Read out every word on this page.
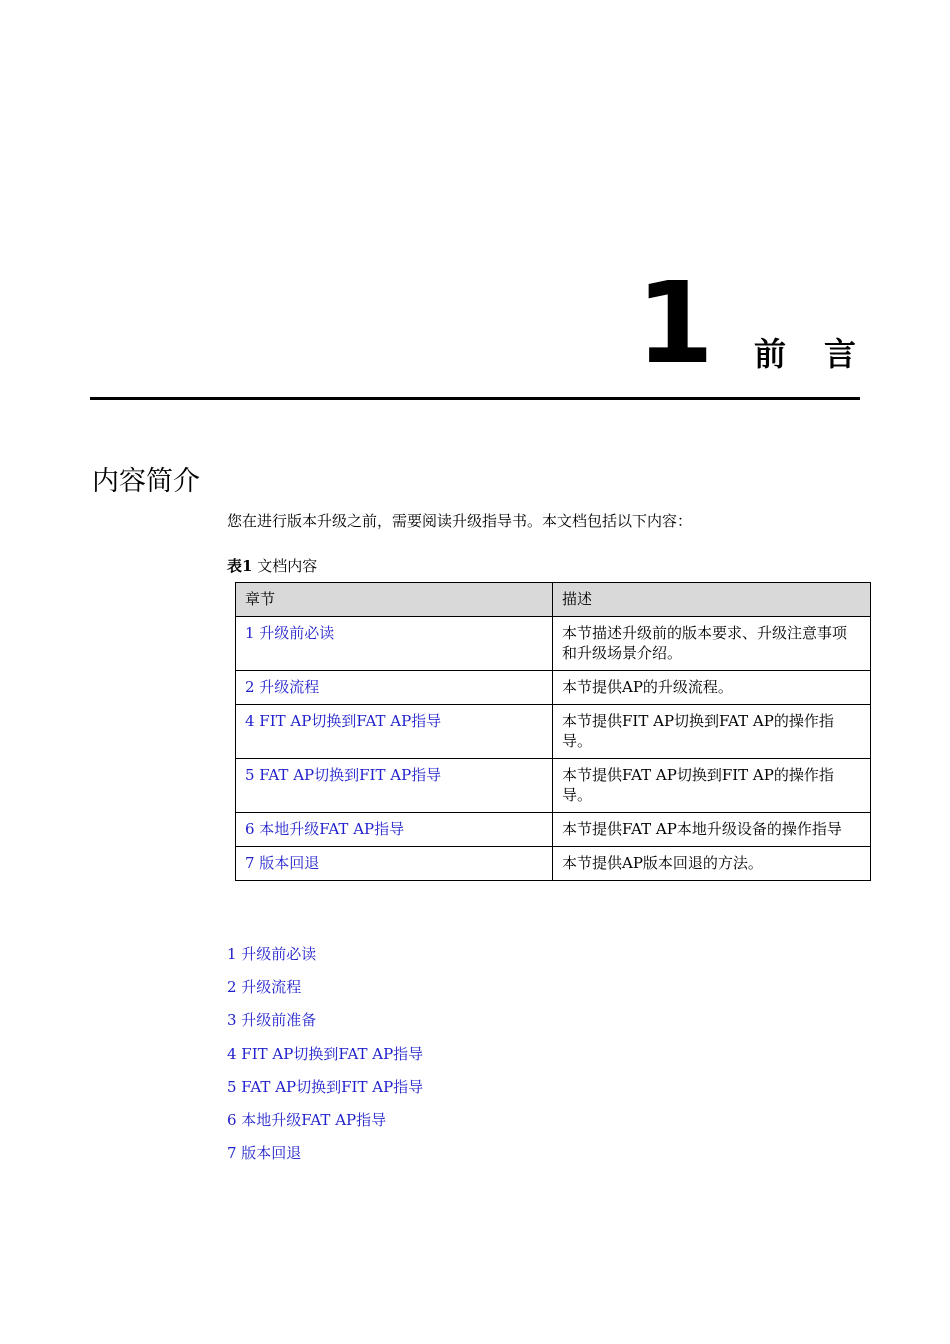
1 前言
内容简介
您在进行版本升级之前，需要阅读升级指导书。本文档包括以下内容：
表1 文档内容
章节	描述
1 升级前必读	本节描述升级前的版本要求、升级注意事项和升级场景介绍。
2 升级流程	本节提供AP的升级流程。
4 FIT AP切换到FAT AP指导	本节提供FIT AP切换到FAT AP的操作指导。
5 FAT AP切换到FIT AP指导	本节提供FAT AP切换到FIT AP的操作指导。
6 本地升级FAT AP指导	本节提供FAT AP本地升级设备的操作指导
7 版本回退	本节提供AP版本回退的方法。
1 升级前必读
2 升级流程
3 升级前准备
4 FIT AP切换到FAT AP指导
5 FAT AP切换到FIT AP指导
6 本地升级FAT AP指导
7 版本回退
